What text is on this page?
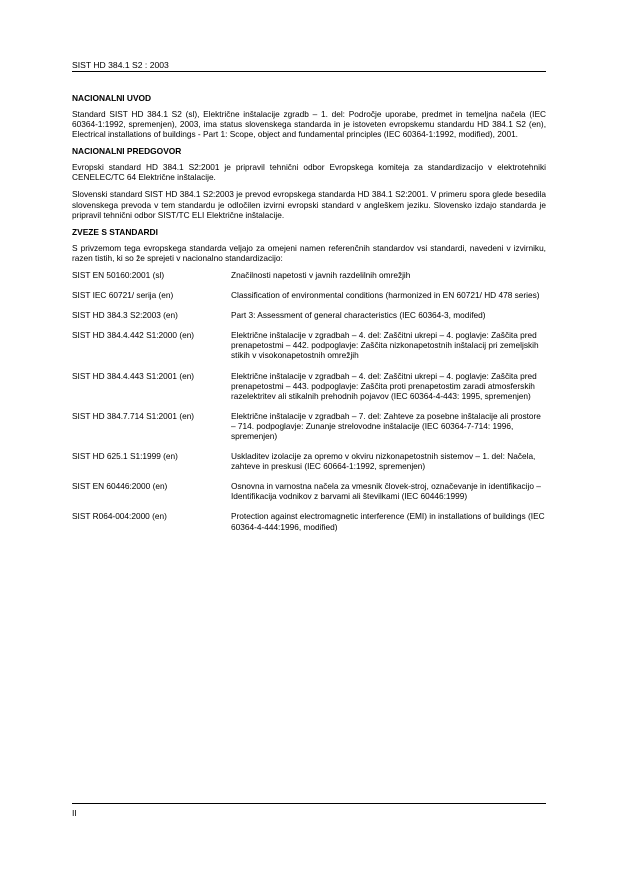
SIST HD 384.1 S2 : 2003
NACIONALNI UVOD

Standard SIST HD 384.1 S2 (sl), Električne inštalacije zgradb – 1. del: Področje uporabe, predmet in temeljna načela (IEC 60364-1:1992, spremenjen), 2003, ima status slovenskega standarda in je istoveten evropskemu standardu HD 384.1 S2 (en), Electrical installations of buildings - Part 1: Scope, object and fundamental principles (IEC 60364-1:1992, modified), 2001.

NACIONALNI PREDGOVOR

Evropski standard HD 384.1 S2:2001 je pripravil tehnični odbor Evropskega komiteja za standardizacijo v elektrotehniki CENELEC/TC 64 Električne inštalacije.

Slovenski standard SIST HD 384.1 S2:2003 je prevod evropskega standarda HD 384.1 S2:2001. V primeru spora glede besedila slovenskega prevoda v tem standardu je odločilen izvirni evropski standard v angleškem jeziku. Slovensko izdajo standarda je pripravil tehnični odbor SIST/TC ELI Električne inštalacije.

ZVEZE S STANDARDI

S privzemom tega evropskega standarda veljajo za omejeni namen referenčnih standardov vsi standardi, navedeni v izvirniku, razen tistih, ki so že sprejeti v nacionalno standardizacijo:

SIST EN 50160:2001 (sl)	Značilnosti napetosti v javnih razdelilnih omrežjih
SIST IEC 60721/ serija (en)	Classification of environmental conditions (harmonized in EN 60721/ HD 478 series)
SIST HD 384.3 S2:2003 (en)	Part 3: Assessment of general characteristics (IEC 60364-3, modifed)
SIST HD 384.4.442 S1:2000 (en)	Električne inštalacije v zgradbah – 4. del: Zaščitni ukrepi – 4. poglavje: Zaščita pred prenapetostmi – 442. podpoglavje: Zaščita nizkonapetostnih inštalacij pri zemeljskih stikih v visokonapetostnih omrežjih
SIST HD 384.4.443 S1:2001 (en)	Električne inštalacije v zgradbah – 4. del: Zaščitni ukrepi – 4. poglavje: Zaščita pred prenapetostmi – 443. podpoglavje: Zaščita proti prenapetostim zaradi atmosferskih razelektritev ali stikalnih prehodnih pojavov (IEC 60364-4-443: 1995, spremenjen)
SIST HD 384.7.714 S1:2001 (en)	Električne inštalacije v zgradbah – 7. del: Zahteve za posebne inštalacije ali prostore – 714. podpoglavje: Zunanje strelovodne inštalacije (IEC 60364-7-714: 1996, spremenjen)
SIST HD 625.1 S1:1999 (en)	Uskladitev izolacije za opremo v okviru nizkonapetostnih sistemov – 1. del: Načela, zahteve in preskusi (IEC 60664-1:1992, spremenjen)
SIST EN 60446:2000 (en)	Osnovna in varnostna načela za vmesnik človek-stroj, označevanje in identifikacijo – Identifikacija vodnikov z barvami ali številkami (IEC 60446:1999)
SIST R064-004:2000 (en)	Protection against electromagnetic interference (EMI) in installations of buildings (IEC 60364-4-444:1996, modified)
II
